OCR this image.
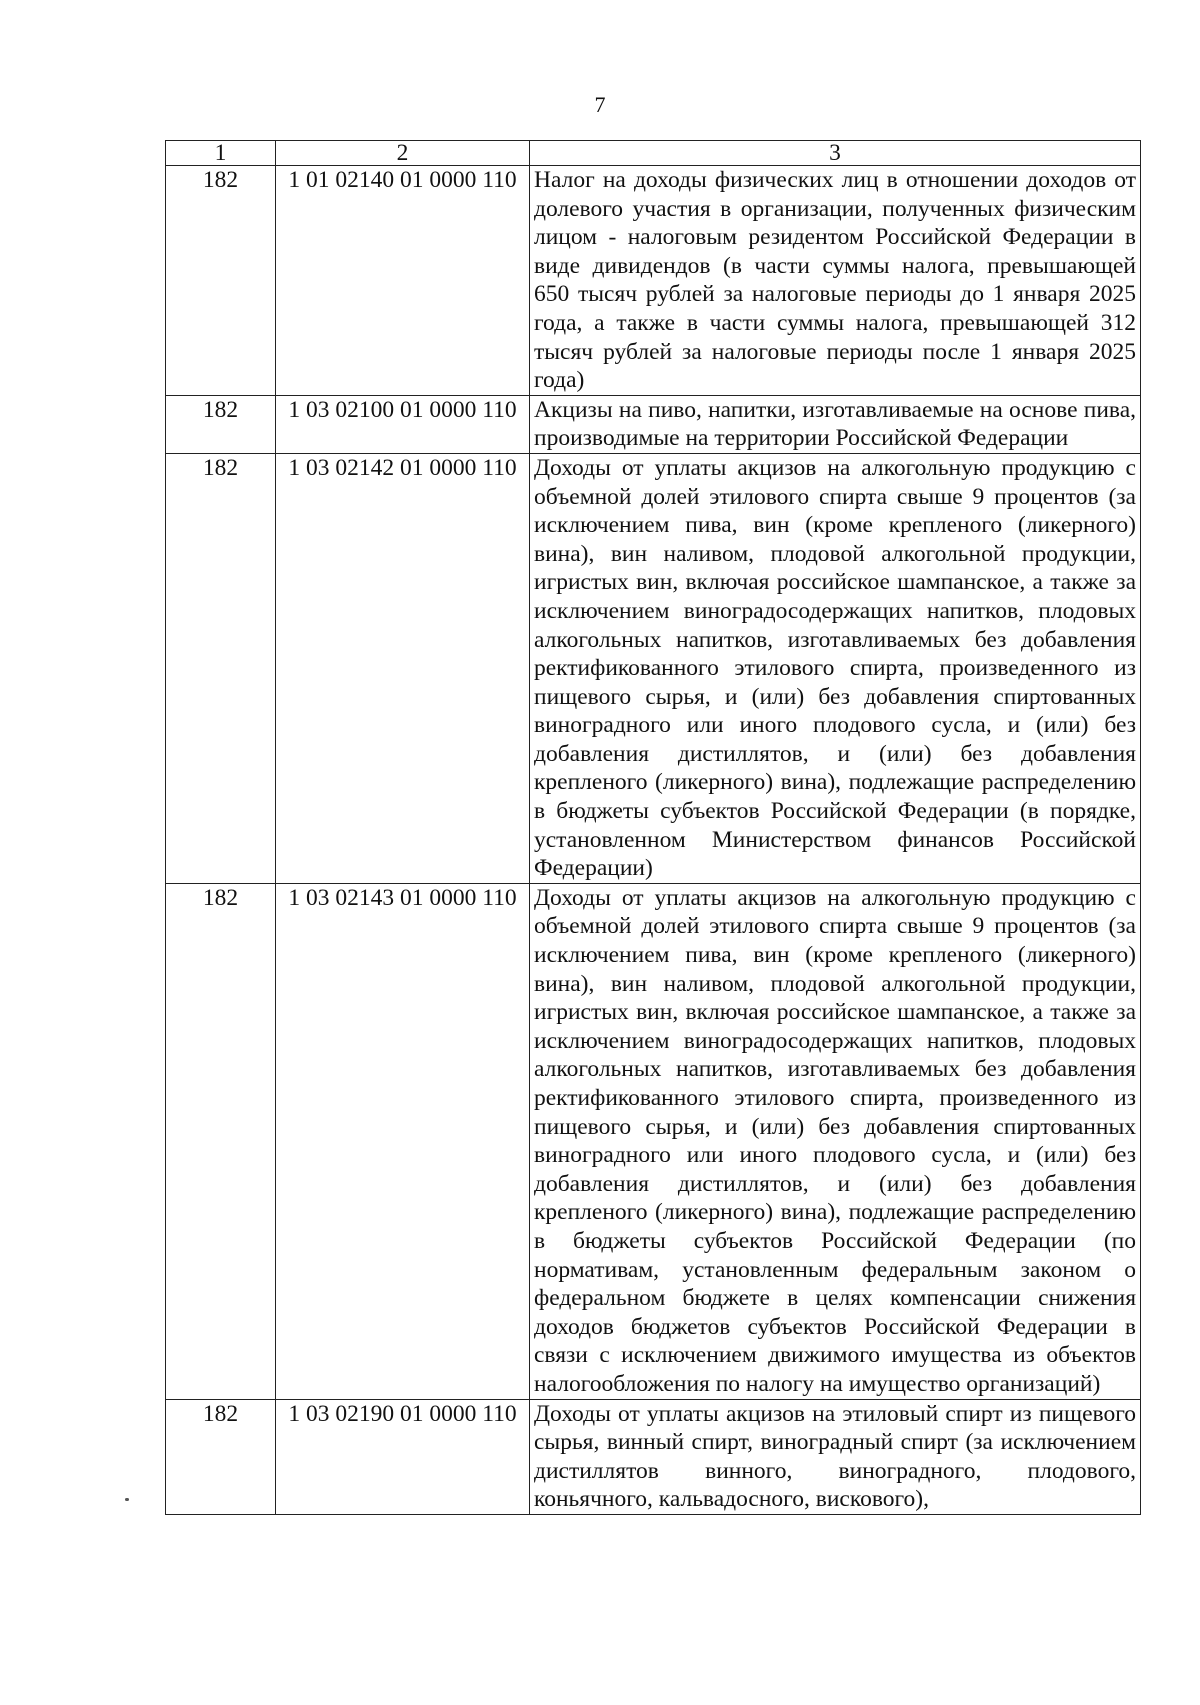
7
1	2	3
182	1 01 02140 01 0000 110	Налог на доходы физических лиц в отношении доходов от долевого участия в организации, полученных физическим лицом - налоговым резидентом Российской Федерации в виде дивидендов (в части суммы налога, превышающей 650 тысяч рублей за налоговые периоды до 1 января 2025 года, а также в части суммы налога, превышающей 312 тысяч рублей за налоговые периоды после 1 января 2025 года)
182	1 03 02100 01 0000 110	Акцизы на пиво, напитки, изготавливаемые на основе пива, производимые на территории Российской Федерации
182	1 03 02142 01 0000 110	Доходы от уплаты акцизов на алкогольную продукцию с объемной долей этилового спирта свыше 9 процентов (за исключением пива, вин (кроме крепленого (ликерного) вина), вин наливом, плодовой алкогольной продукции, игристых вин, включая российское шампанское, а также за исключением виноградосодержащих напитков, плодовых алкогольных напитков, изготавливаемых без добавления ректификованного этилового спирта, произведенного из пищевого сырья, и (или) без добавления спиртованных виноградного или иного плодового сусла, и (или) без добавления дистиллятов, и (или) без добавления крепленого (ликерного) вина), подлежащие распределению в бюджеты субъектов Российской Федерации (в порядке, установленном Министерством финансов Российской Федерации)
182	1 03 02143 01 0000 110	Доходы от уплаты акцизов на алкогольную продукцию с объемной долей этилового спирта свыше 9 процентов (за исключением пива, вин (кроме крепленого (ликерного) вина), вин наливом, плодовой алкогольной продукции, игристых вин, включая российское шампанское, а также за исключением виноградосодержащих напитков, плодовых алкогольных напитков, изготавливаемых без добавления ректификованного этилового спирта, произведенного из пищевого сырья, и (или) без добавления спиртованных виноградного или иного плодового сусла, и (или) без добавления дистиллятов, и (или) без добавления крепленого (ликерного) вина), подлежащие распределению в бюджеты субъектов Российской Федерации (по нормативам, установленным федеральным законом о федеральном бюджете в целях компенсации снижения доходов бюджетов субъектов Российской Федерации в связи с исключением движимого имущества из объектов налогообложения по налогу на имущество организаций)
182	1 03 02190 01 0000 110	Доходы от уплаты акцизов на этиловый спирт из пищевого сырья, винный спирт, виноградный спирт (за исключением дистиллятов винного, виноградного, плодового, коньячного, кальвадосного, вискового),
